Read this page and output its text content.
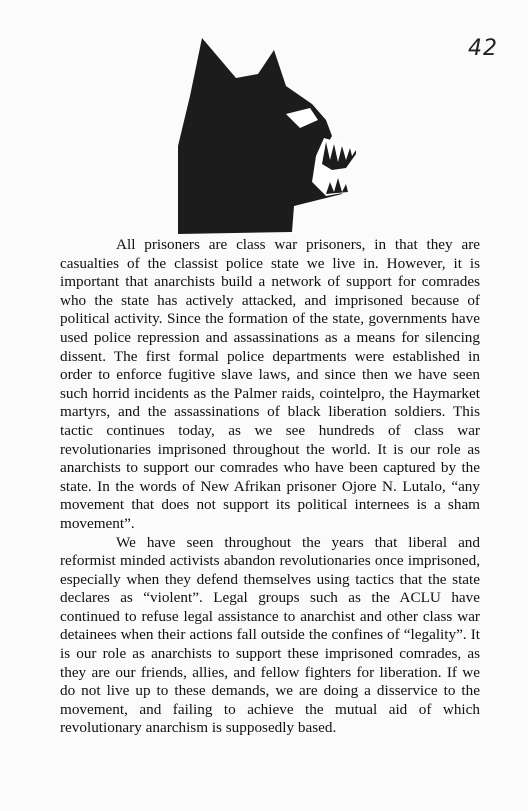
42

All prisoners are class war prisoners, in that they are casualties of the classist police state we live in. However, it is important that anarchists build a network of support for comrades who the state has actively attacked, and imprisoned because of political activity. Since the formation of the state, governments have used police repression and assassinations as a means for silencing dissent. The first formal police departments were established in order to enforce fugitive slave laws, and since then we have seen such horrid incidents as the Palmer raids, cointelpro, the Haymarket martyrs, and the assassinations of black liberation soldiers. This tactic continues today, as we see hundreds of class war revolutionaries imprisoned throughout the world. It is our role as anarchists to support our comrades who have been captured by the state. In the words of New Afrikan prisoner Ojore N. Lutalo, “any movement that does not support its political internees is a sham movement”.

We have seen throughout the years that liberal and reformist minded activists abandon revolutionaries once imprisoned, especially when they defend themselves using tactics that the state declares as “violent”. Legal groups such as the ACLU have continued to refuse legal assistance to anarchist and other class war detainees when their actions fall outside the confines of “legality”. It is our role as anarchists to support these imprisoned comrades, as they are our friends, allies, and fellow fighters for liberation. If we do not live up to these demands, we are doing a disservice to the movement, and failing to achieve the mutual aid of which revolutionary anarchism is supposedly based.
